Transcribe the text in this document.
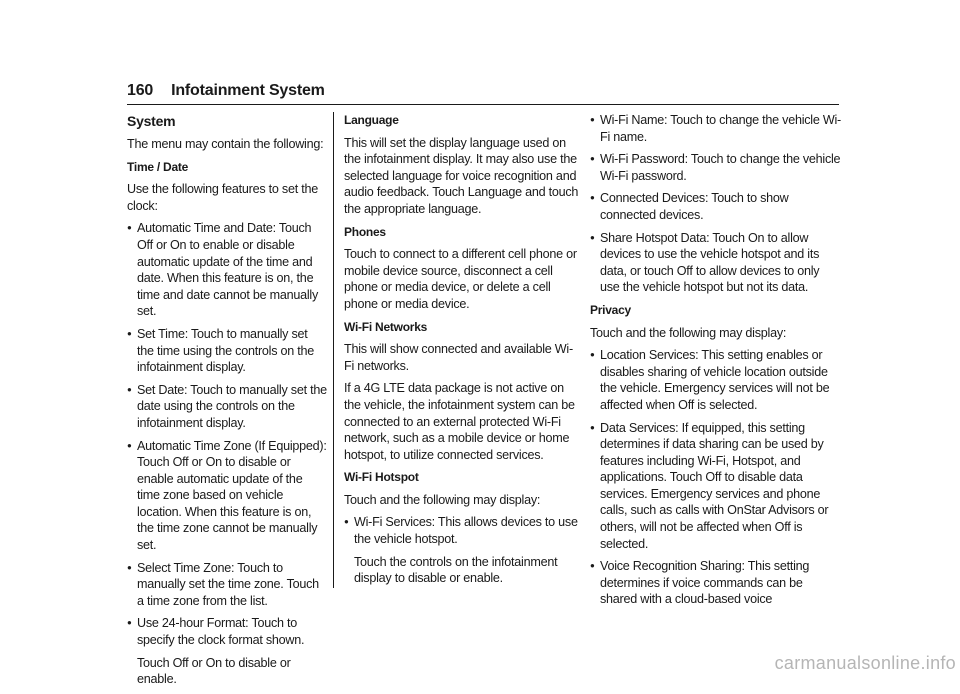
160 Infotainment System
System

The menu may contain the following:

Time / Date

Use the following features to set the clock:

● Automatic Time and Date: Touch Off or On to enable or disable automatic update of the time and date. When this feature is on, the time and date cannot be manually set.
● Set Time: Touch to manually set the time using the controls on the infotainment display.
● Set Date: Touch to manually set the date using the controls on the infotainment display.
● Automatic Time Zone (If Equipped): Touch Off or On to disable or enable automatic update of the time zone based on vehicle location. When this feature is on, the time zone cannot be manually set.
● Select Time Zone: Touch to manually set the time zone. Touch a time zone from the list.
● Use 24-hour Format: Touch to specify the clock format shown.

Touch Off or On to disable or enable.

Language

This will set the display language used on the infotainment display. It may also use the selected language for voice recognition and audio feedback. Touch Language and touch the appropriate language.

Phones

Touch to connect to a different cell phone or mobile device source, disconnect a cell phone or media device, or delete a cell phone or media device.

Wi-Fi Networks

This will show connected and available Wi-Fi networks.

If a 4G LTE data package is not active on the vehicle, the infotainment system can be connected to an external protected Wi-Fi network, such as a mobile device or home hotspot, to utilize connected services.

Wi-Fi Hotspot

Touch and the following may display:

● Wi-Fi Services: This allows devices to use the vehicle hotspot.

Touch the controls on the infotainment display to disable or enable.

● Wi-Fi Name: Touch to change the vehicle Wi-Fi name.
● Wi-Fi Password: Touch to change the vehicle Wi-Fi password.
● Connected Devices: Touch to show connected devices.
● Share Hotspot Data: Touch On to allow devices to use the vehicle hotspot and its data, or touch Off to allow devices to only use the vehicle hotspot but not its data.
Privacy

Touch and the following may display:

● Location Services: This setting enables or disables sharing of vehicle location outside the vehicle. Emergency services will not be affected when Off is selected.
● Data Services: If equipped, this setting determines if data sharing can be used by features including Wi-Fi, Hotspot, and applications. Touch Off to disable data services. Emergency services and phone calls, such as calls with OnStar Advisors or others, will not be affected when Off is selected.
● Voice Recognition Sharing: This setting determines if voice commands can be shared with a cloud-based voice
carmanualsonline.info
